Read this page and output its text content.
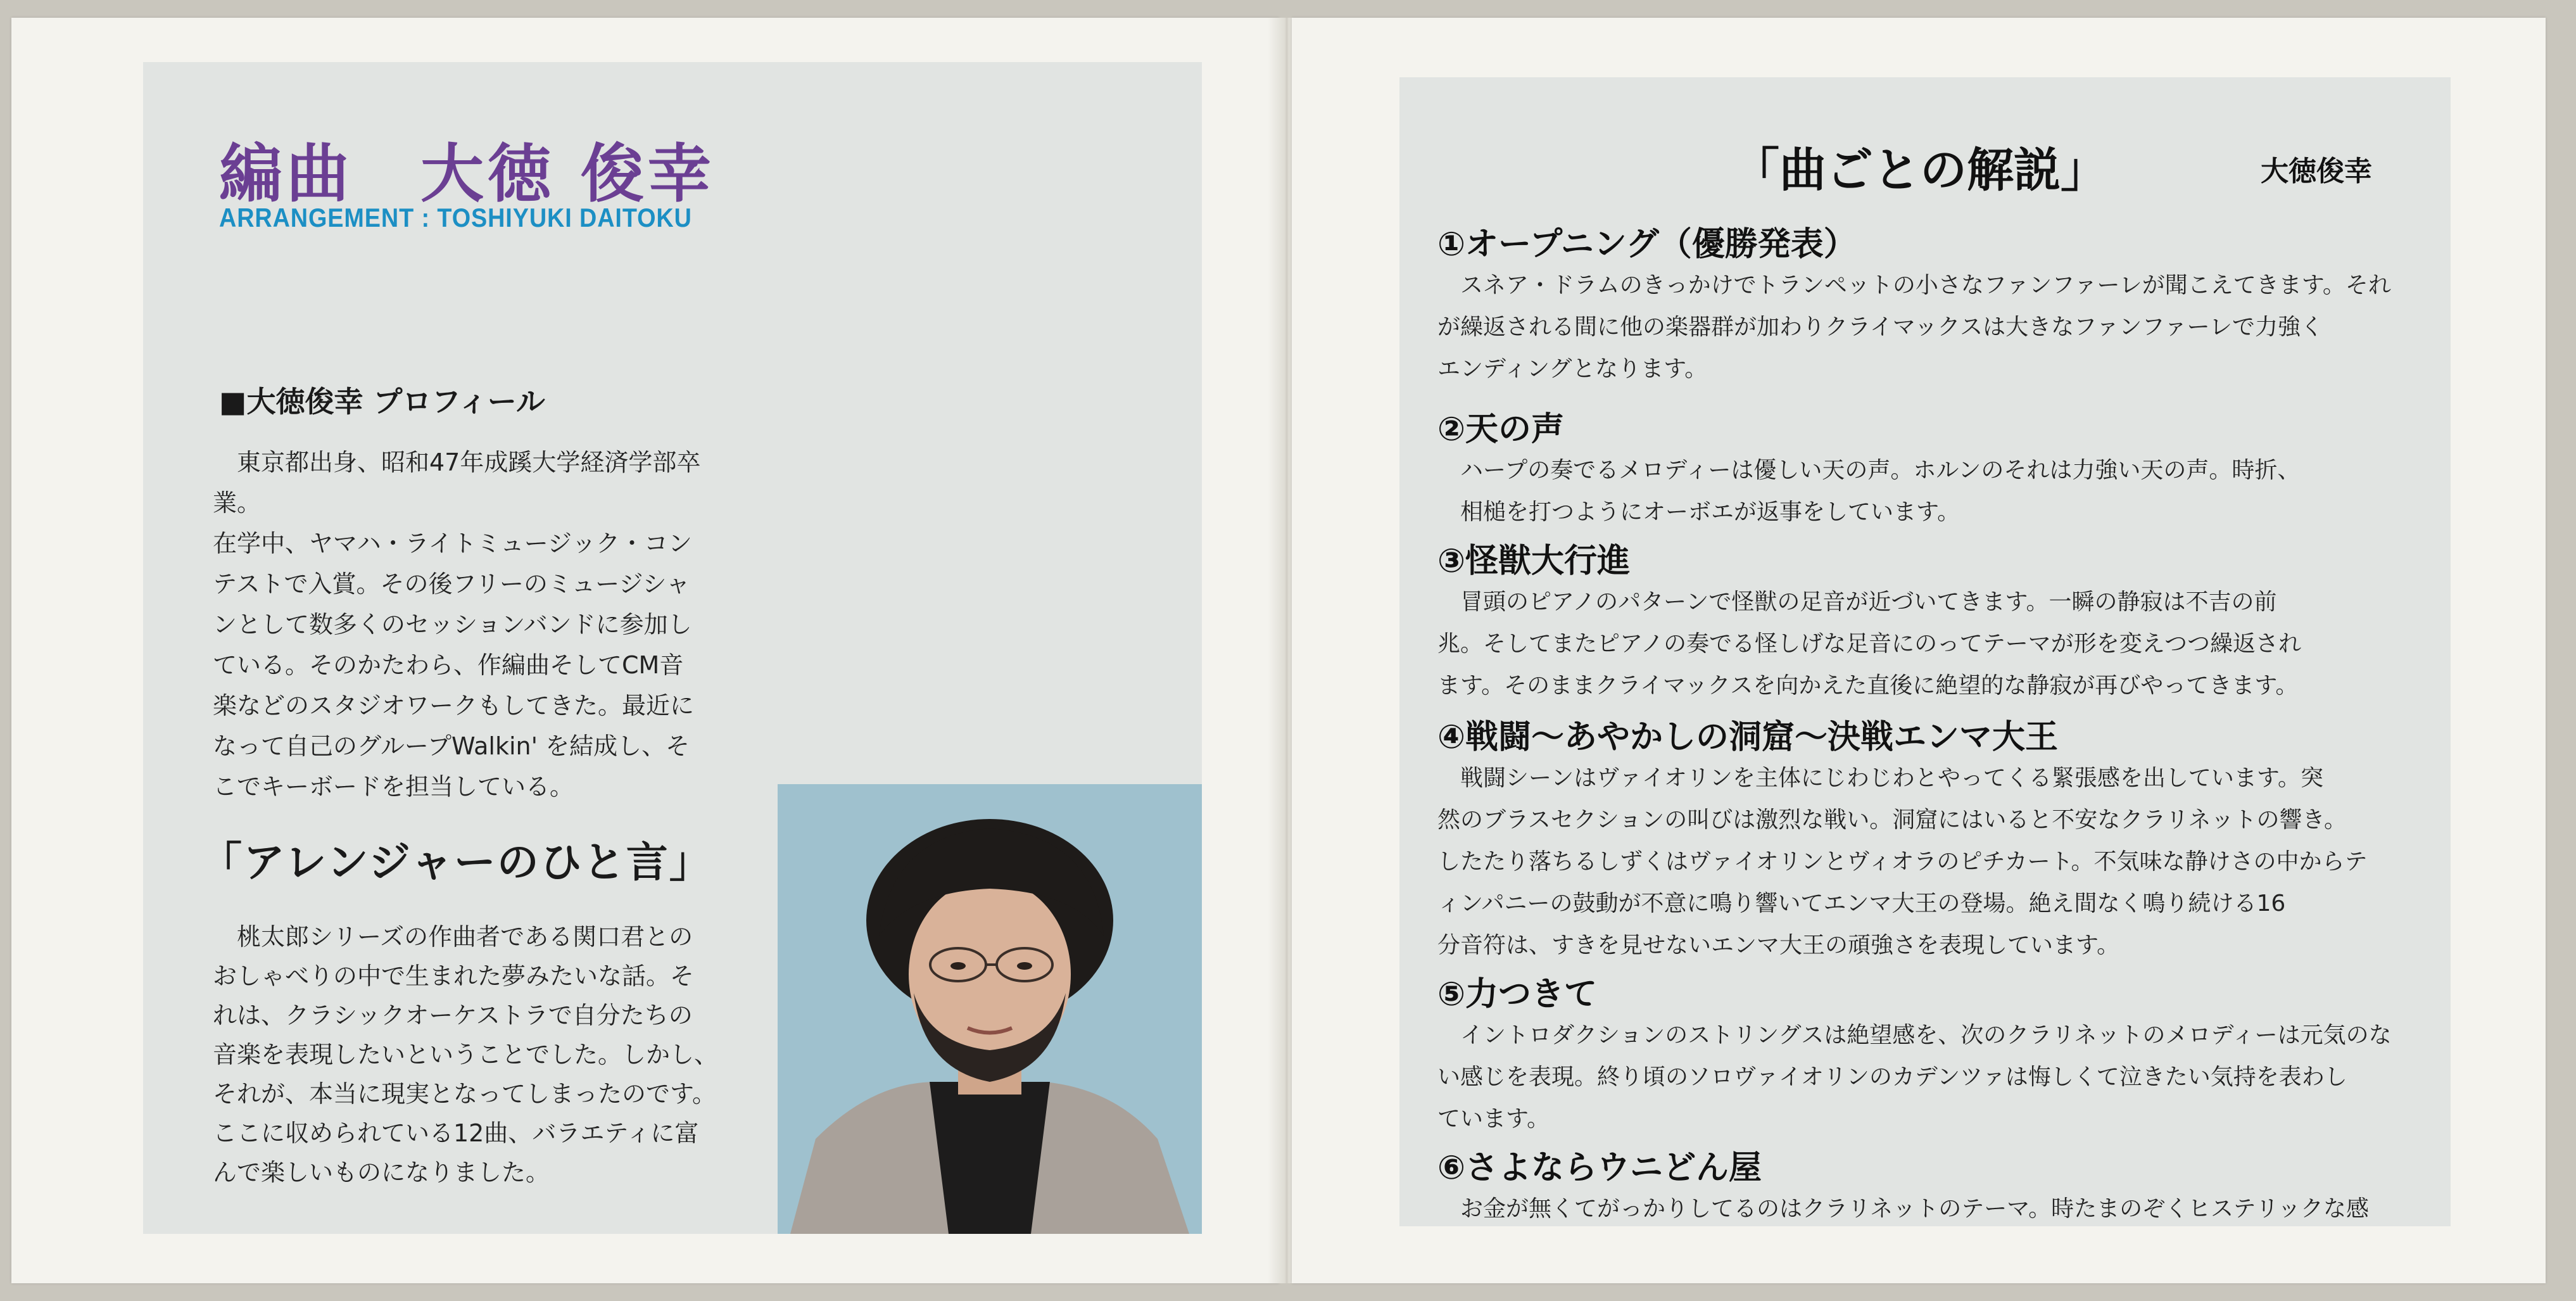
編曲　大徳 俊幸
ARRANGEMENT : TOSHIYUKI DAITOKU
■大徳俊幸 プロフィール

　東京都出身、昭和47年成蹊大学経済学部卒
業。
在学中、ヤマハ・ライトミュージック・コン
テストで入賞。その後フリーのミュージシャ
ンとして数多くのセッションバンドに参加し
ている。そのかたわら、作編曲そしてCM音
楽などのスタジオワークもしてきた。最近に
なって自己のグループWalkin' を結成し、そ
こでキーボードを担当している。

「アレンジャーのひと言」

　桃太郎シリーズの作曲者である関口君との
おしゃべりの中で生まれた夢みたいな話。そ
れは、クラシックオーケストラで自分たちの
音楽を表現したいということでした。しかし、
それが、本当に現実となってしまったのです。
ここに収められている12曲、バラエティに富
んで楽しいものになりました。

「曲ごとの解説」	大徳俊幸
①オープニング（優勝発表）

　スネア・ドラムのきっかけでトランペットの小さなファンファーレが聞こえてきます。それ
が繰返される間に他の楽器群が加わりクライマックスは大きなファンファーレで力強く
エンディングとなります。

②天の声

　ハープの奏でるメロディーは優しい天の声。ホルンのそれは力強い天の声。時折、
　相槌を打つようにオーボエが返事をしています。

③怪獣大行進

　冒頭のピアノのパターンで怪獣の足音が近づいてきます。一瞬の静寂は不吉の前
兆。そしてまたピアノの奏でる怪しげな足音にのってテーマが形を変えつつ繰返され
ます。そのままクライマックスを向かえた直後に絶望的な静寂が再びやってきます。

④戦闘～あやかしの洞窟～決戦エンマ大王

　戦闘シーンはヴァイオリンを主体にじわじわとやってくる緊張感を出しています。突
然のブラスセクションの叫びは激烈な戦い。洞窟にはいると不安なクラリネットの響き。
したたり落ちるしずくはヴァイオリンとヴィオラのピチカート。不気味な静けさの中からテ
ィンパニーの鼓動が不意に鳴り響いてエンマ大王の登場。絶え間なく鳴り続ける16
分音符は、すきを見せないエンマ大王の頑強さを表現しています。

⑤力つきて

　イントロダクションのストリングスは絶望感を、次のクラリネットのメロディーは元気のな
い感じを表現。終り頃のソロヴァイオリンのカデンツァは悔しくて泣きたい気持を表わし
ています。

⑥さよならウニどん屋

　お金が無くてがっかりしてるのはクラリネットのテーマ。時たまのぞくヒステリックな感
